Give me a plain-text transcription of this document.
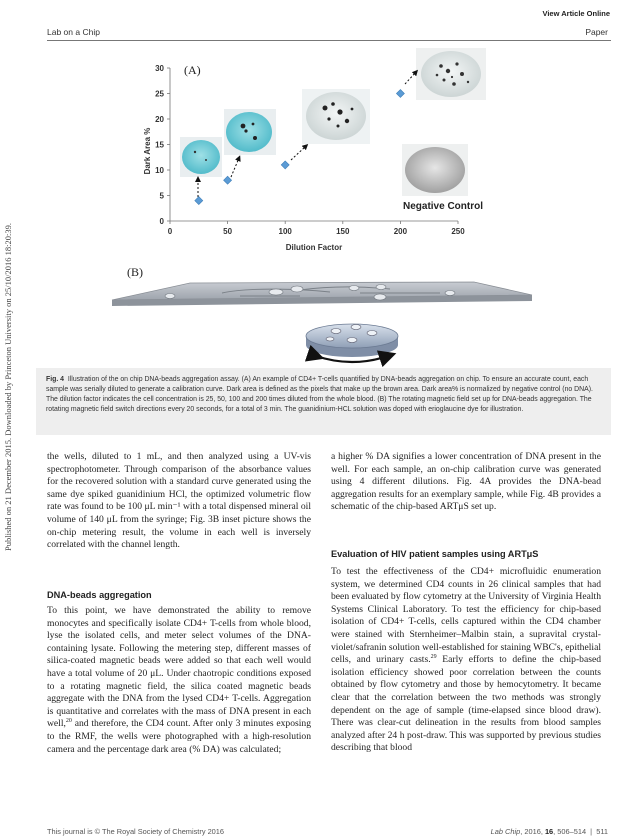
View Article Online
Lab on a Chip	Paper
Published on 21 December 2015. Downloaded by Princeton University on 25/10/2016 18:20:39.
(A)
0	50	100	150	200	250
0
5
10
15
20
25
30
Dark Area %
Dilution Factor
Negative Control
(B)
Fig. 4 Illustration of the on chip DNA-beads aggregation assay. (A) An example of CD4+ T-cells quantified by DNA-beads aggregation on chip. To ensure an accurate count, each sample was serially diluted to generate a calibration curve. Dark area is defined as the pixels that make up the brown area. Dark area% is normalized by negative control (no DNA). The dilution factor indicates the cell concentration is 25, 50, 100 and 200 times diluted from the whole blood. (B) The rotating magnetic field set up for DNA-beads aggregation. The rotating magnetic field switch directions every 20 seconds, for a total of 3 min. The guanidinium-HCL solution was doped with erioglaucine dye for illustration.

the wells, diluted to 1 mL, and then analyzed using a UV-vis spectrophotometer. Through comparison of the absorbance values for the recovered solution with a standard curve generated using the same dye spiked guanidinium HCl, the optimized volumetric flow rate was found to be 100 μL min⁻¹ with a total dispensed mineral oil volume of 140 μL from the syringe; Fig. 3B inset picture shows the on-chip metering result, the volume in each well is inversely correlated with the channel length.

DNA-beads aggregation

To this point, we have demonstrated the ability to remove monocytes and specifically isolate CD4+ T-cells from whole blood, lyse the isolated cells, and meter select volumes of the DNA-containing lysate. Following the metering step, different masses of silica-coated magnetic beads were added so that each well would have a total volume of 20 μL. Under chaotropic conditions exposed to a rotating magnetic field, the silica coated magnetic beads aggregate with the DNA from the lysed CD4+ T-cells. Aggregation is quantitative and correlates with the mass of DNA present in each well,$^{20}$ and therefore, the CD4 count. After only 3 minutes exposing to the RMF, the wells were photographed with a high-resolution camera and the percentage dark area (% DA) was calculated;

a higher % DA signifies a lower concentration of DNA present in the well. For each sample, an on-chip calibration curve was generated using 4 different dilutions. Fig. 4A provides the DNA-bead aggregation results for an exemplary sample, while Fig. 4B provides a schematic of the chip-based ARTμS set up.

Evaluation of HIV patient samples using ARTμS

To test the effectiveness of the CD4+ microfluidic enumeration system, we determined CD4 counts in 26 clinical samples that had been evaluated by flow cytometry at the University of Virginia Health Systems Clinical Laboratory. To test the efficiency for chip-based isolation of CD4+ T-cells, cells captured within the CD4 chamber were stained with Sternheimer–Malbin stain, a supravital crystal-violet/safranin solution well-established for staining WBC's, epithelial cells, and urinary casts.$^{29}$ Early efforts to define the chip-based isolation efficiency showed poor correlation between the counts obtained by flow cytometry and those by hemocytometry. It became clear that the correlation between the two methods was strongly dependent on the age of sample (time-elapsed since blood draw). There was clear-cut delineation in the results from blood samples analyzed after 24 h post-draw. This was supported by previous studies describing that blood

This journal is © The Royal Society of Chemistry 2016	Lab Chip, 2016, 16, 506–514  |  511
